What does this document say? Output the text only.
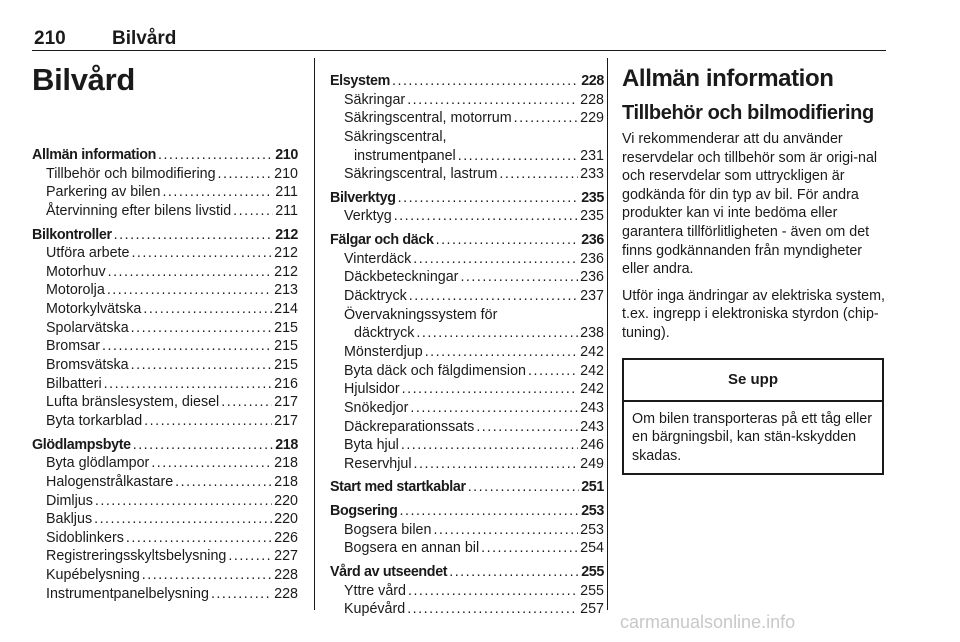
210 Bilvård
Bilvård
Allmän information .....	210
Tillbehör och bilmodifiering .....	210
Parkering av bilen .....	211
Återvinning efter bilens livstid .....	211
Bilkontroller .....	212
Utföra arbete .....	212
Motorhuv .....	212
Motorolja .....	213
Motorkylvätska .....	214
Spolarvätska .....	215
Bromsar .....	215
Bromsvätska .....	215
Bilbatteri .....	216
Lufta bränslesystem, diesel .....	217
Byta torkarblad .....	217
Glödlampsbyte .....	218
Byta glödlampor .....	218
Halogenstrålkastare .....	218
Dimljus .....	220
Bakljus .....	220
Sidoblinkers .....	226
Registreringsskyltsbelysning .....	227
Kupébelysning .....	228
Instrumentpanelbelysning .....	228
Elsystem .....	228
Säkringar .....	228
Säkringscentral, motorrum .....	229
Säkringscentral,
instrumentpanel .....	231
Säkringscentral, lastrum .....	233
Bilverktyg .....	235
Verktyg .....	235
Fälgar och däck .....	236
Vinterdäck .....	236
Däckbeteckningar .....	236
Däcktryck .....	237
Övervakningssystem för
däcktryck .....	238
Mönsterdjup .....	242
Byta däck och fälgdimension .....	242
Hjulsidor .....	242
Snökedjor .....	243
Däckreparationssats .....	243
Byta hjul .....	246
Reservhjul .....	249
Start med startkablar .....	251
Bogsering .....	253
Bogsera bilen .....	253
Bogsera en annan bil .....	254
Vård av utseendet .....	255
Yttre vård .....	255
Kupévård .....	257
Allmän information
Tillbehör och bilmodifiering

Vi rekommenderar att du använder reservdelar och tillbehör som är origi-nal och reservdelar som uttryckligen är godkända för din typ av bil. För andra produkter kan vi inte bedöma eller garantera tillförlitligheten - även om det finns godkännanden från myndigheter eller andra.

Utför inga ändringar av elektriska system, t.ex. ingrepp i elektroniska styrdon (chip-tuning).

Se upp
Om bilen transporteras på ett tåg eller en bärgningsbil, kan stän-kskydden skadas.
carmanualsonline.info
